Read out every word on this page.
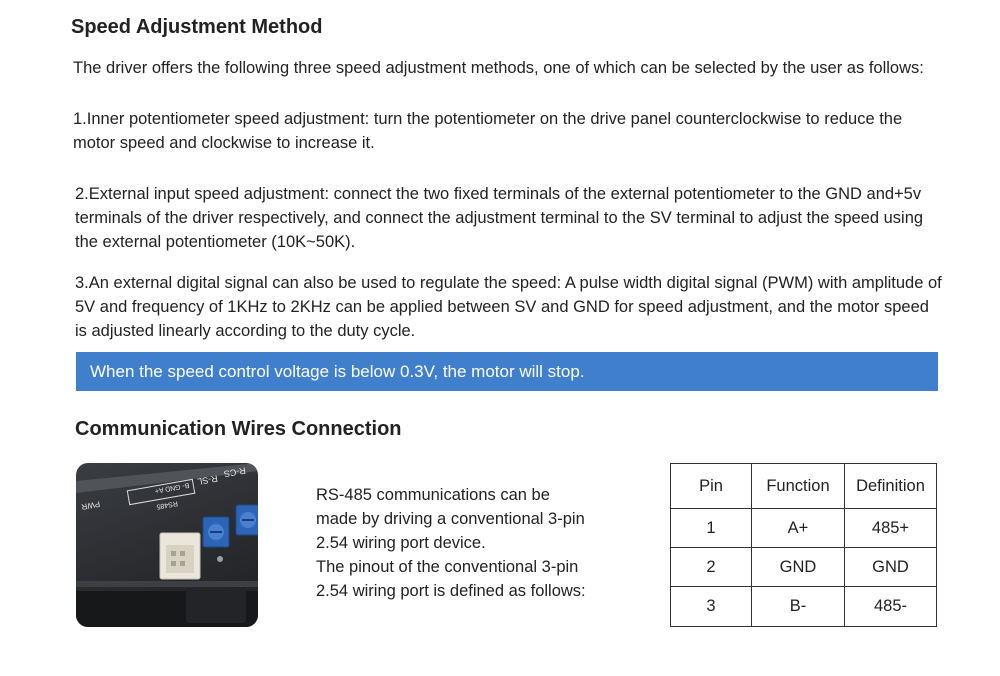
Speed Adjustment Method

The driver offers the following three speed adjustment methods, one of which can be selected by the user as follows:

1.Inner potentiometer speed adjustment: turn the potentiometer on the drive panel counterclockwise to reduce the motor speed and clockwise to increase it.

2.External input speed adjustment: connect the two fixed terminals of the external potentiometer to the GND and+5v terminals of the driver respectively, and connect the adjustment terminal to the SV terminal to adjust the speed using the external potentiometer (10K~50K).

3.An external digital signal can also be used to regulate the speed: A pulse width digital signal (PWM) with amplitude of 5V and frequency of 1KHz to 2KHz can be applied between SV and GND for speed adjustment, and the motor speed is adjusted linearly according to the duty cycle.

When the speed control voltage is below 0.3V, the motor will stop.
Communication Wires Connection
B- GND A+
RS485
R-SL
R-CS
PWR
RS-485 communications can be
made by driving a conventional 3-pin
2.54 wiring port device.
The pinout of the conventional 3-pin
2.54 wiring port is defined as follows:
Pin	Function	Definition
1	A+	485+
2	GND	GND
3	B-	485-
